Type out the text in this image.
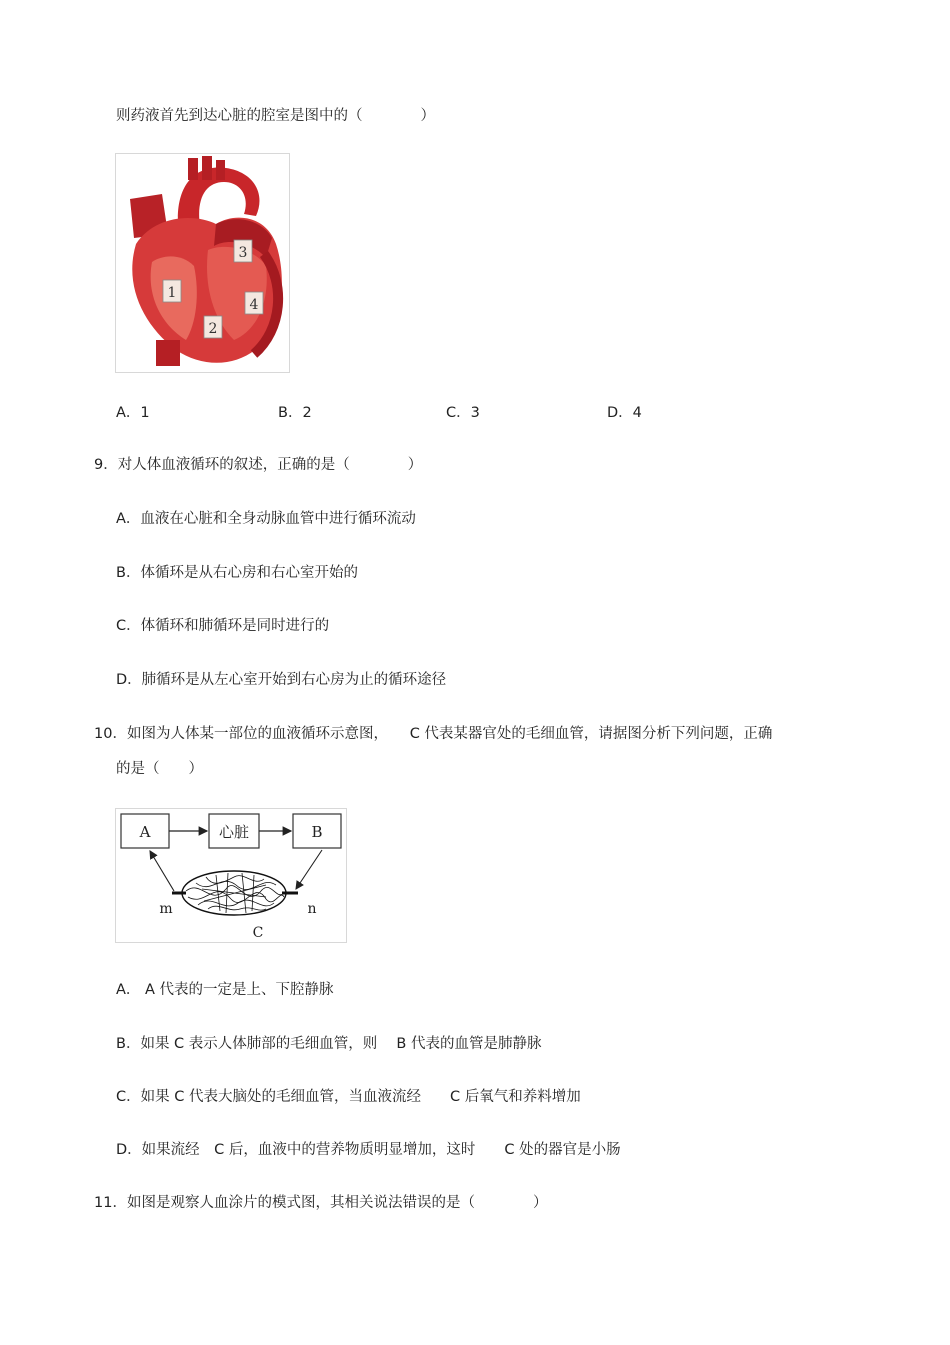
则药液首先到达心脏的腔室是图中的（　　　　）
1
2
3
4
A．1	B．2	C．3	D．4
9．对人体血液循环的叙述，正确的是（　　　　）
A．血液在心脏和全身动脉血管中进行循环流动
B．体循环是从右心房和右心室开始的
C．体循环和肺循环是同时进行的
D．肺循环是从左心室开始到右心房为止的循环途径
10．如图为人体某一部位的血液循环示意图，　　C 代表某器官处的毛细血管，请据图分析下列问题，正确
的是（　　）
A	心脏	B
m	n
C
A． A 代表的一定是上、下腔静脉
B．如果 C 表示人体肺部的毛细血管，则　 B 代表的血管是肺静脉
C．如果 C 代表大脑处的毛细血管，当血液流经　　C 后氧气和养料增加
D．如果流经　C 后，血液中的营养物质明显增加，这时　　C 处的器官是小肠
11．如图是观察人血涂片的模式图，其相关说法错误的是（　　　　）
